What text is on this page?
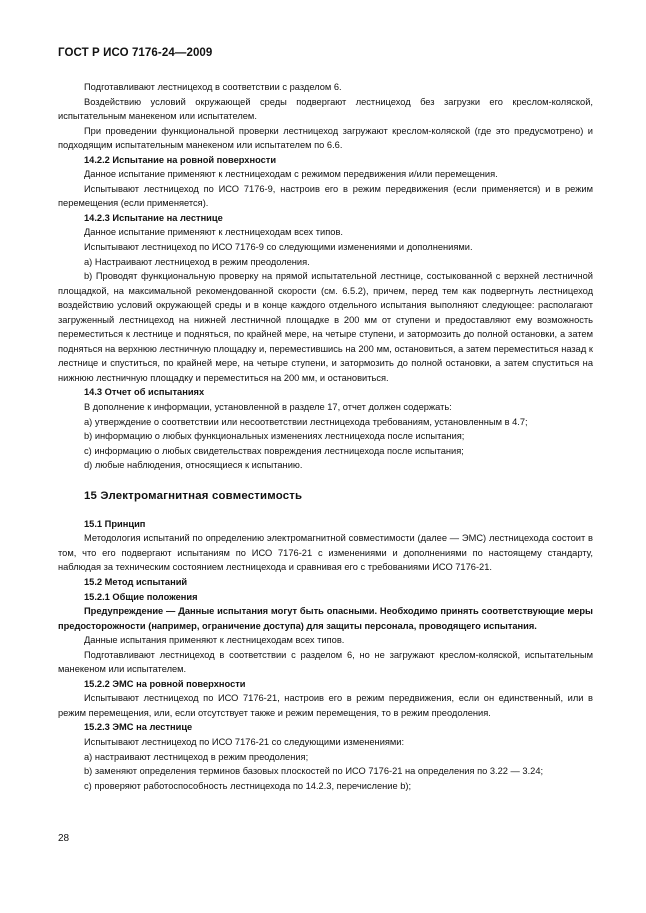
ГОСТ Р ИСО 7176-24—2009

Подготавливают лестницеход в соответствии с разделом 6.

Воздействию условий окружающей среды подвергают лестницеход без загрузки его креслом-коляской, испытательным манекеном или испытателем.

При проведении функциональной проверки лестницеход загружают креслом-коляской (где это предусмотрено) и подходящим испытательным манекеном или испытателем по 6.6.

14.2.2 Испытание на ровной поверхности

Данное испытание применяют к лестницеходам с режимом передвижения и/или перемещения.

Испытывают лестницеход по ИСО 7176-9, настроив его в режим передвижения (если применяется) и в режим перемещения (если применяется).

14.2.3 Испытание на лестнице

Данное испытание применяют к лестницеходам всех типов.

Испытывают лестницеход по ИСО 7176-9 со следующими изменениями и дополнениями.

а) Настраивают лестницеход в режим преодоления.

b) Проводят функциональную проверку на прямой испытательной лестнице, состыкованной с верхней лестничной площадкой, на максимальной рекомендованной скорости (см. 6.5.2), причем, перед тем как подвергнуть лестницеход воздействию условий окружающей среды и в конце каждого отдельного испытания выполняют следующее: располагают загруженный лестницеход на нижней лестничной площадке в 200 мм от ступени и предоставляют ему возможность переместиться к лестнице и подняться, по крайней мере, на четыре ступени, и затормозить до полной остановки, а затем подняться на верхнюю лестничную площадку и, переместившись на 200 мм, остановиться, а затем переместиться назад к лестнице и спуститься, по крайней мере, на четыре ступени, и затормозить до полной остановки, а затем спуститься на нижнюю лестничную площадку и переместиться на 200 мм, и остановиться.

14.3 Отчет об испытаниях

В дополнение к информации, установленной в разделе 17, отчет должен содержать:

а) утверждение о соответствии или несоответствии лестницехода требованиям, установленным в 4.7;

b) информацию о любых функциональных изменениях лестницехода после испытания;

с) информацию о любых свидетельствах повреждения лестницехода после испытания;

d) любые наблюдения, относящиеся к испытанию.

15 Электромагнитная совместимость

15.1 Принцип

Методология испытаний по определению электромагнитной совместимости (далее — ЭМС) лестницехода состоит в том, что его подвергают испытаниям по ИСО 7176-21 с изменениями и дополнениями по настоящему стандарту, наблюдая за техническим состоянием лестницехода и сравнивая его с требованиями ИСО 7176-21.

15.2 Метод испытаний

15.2.1 Общие положения

Предупреждение — Данные испытания могут быть опасными. Необходимо принять соответствующие меры предосторожности (например, ограничение доступа) для защиты персонала, проводящего испытания.

Данные испытания применяют к лестницеходам всех типов.

Подготавливают лестницеход в соответствии с разделом 6, но не загружают креслом-коляской, испытательным манекеном или испытателем.

15.2.2 ЭМС на ровной поверхности

Испытывают лестницеход по ИСО 7176-21, настроив его в режим передвижения, если он единственный, или в режим перемещения, или, если отсутствует также и режим перемещения, то в режим преодоления.

15.2.3 ЭМС на лестнице

Испытывают лестницеход по ИСО 7176-21 со следующими изменениями:

а) настраивают лестницеход в режим преодоления;

b) заменяют определения терминов базовых плоскостей по ИСО 7176-21 на определения по 3.22 — 3.24;

с) проверяют работоспособность лестницехода по 14.2.3, перечисление b);

28
